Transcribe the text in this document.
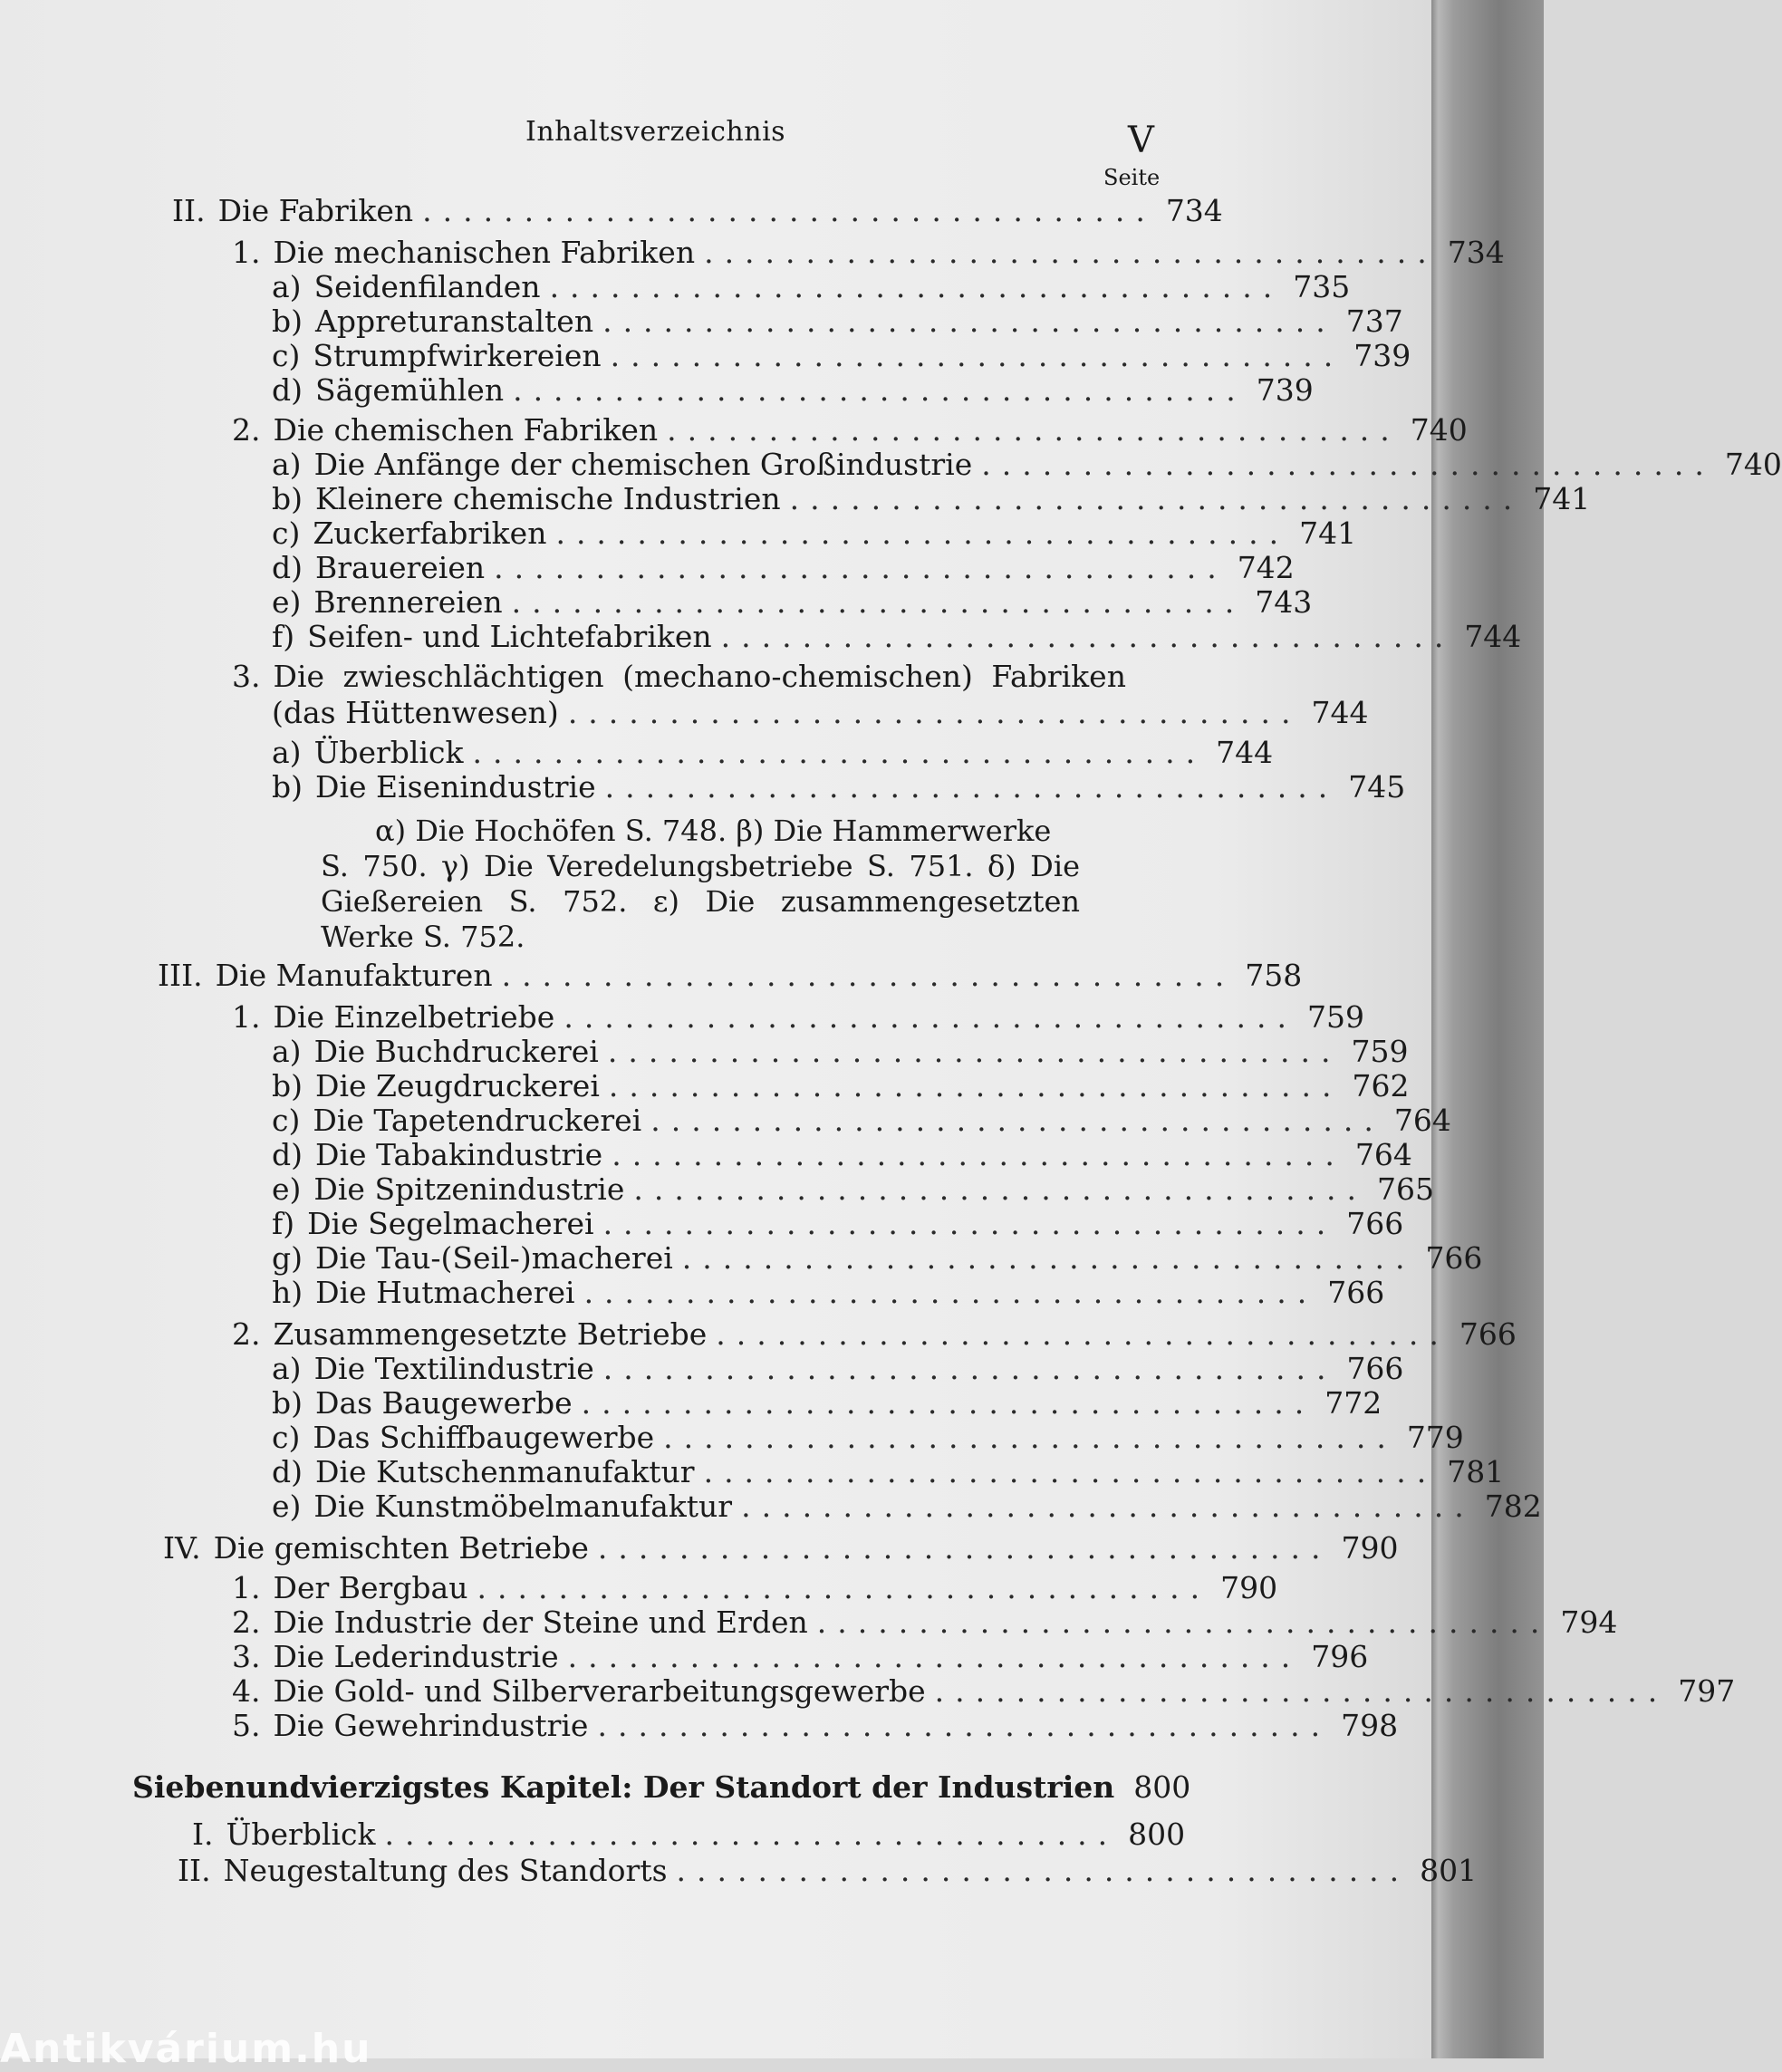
Inhaltsverzeichnis	V
Seite
II. Die Fabriken .................................... 734
1. Die mechanischen Fabriken .................................... 734
a) Seidenfilanden .................................... 735
b) Appreturanstalten .................................... 737
c) Strumpfwirkereien .................................... 739
d) Sägemühlen .................................... 739
2. Die chemischen Fabriken .................................... 740
a) Die Anfänge der chemischen Großindustrie .................................... 740
b) Kleinere chemische Industrien .................................... 741
c) Zuckerfabriken .................................... 741
d) Brauereien .................................... 742
e) Brennereien .................................... 743
f) Seifen- und Lichtefabriken .................................... 744
3. Die zwieschlächtigen (mechano-chemischen) Fabriken
(das Hüttenwesen) .................................... 744
a) Überblick .................................... 744
b) Die Eisenindustrie .................................... 745
α) Die Hochöfen S. 748. β) Die Hammerwerke
S. 750. γ) Die Veredelungsbetriebe S. 751. δ) Die
Gießereien S. 752. ε) Die zusammengesetzten
Werke S. 752.
III. Die Manufakturen .................................... 758
1. Die Einzelbetriebe .................................... 759
a) Die Buchdruckerei .................................... 759
b) Die Zeugdruckerei .................................... 762
c) Die Tapetendruckerei .................................... 764
d) Die Tabakindustrie .................................... 764
e) Die Spitzenindustrie .................................... 765
f) Die Segelmacherei .................................... 766
g) Die Tau-(Seil-)macherei .................................... 766
h) Die Hutmacherei .................................... 766
2. Zusammengesetzte Betriebe .................................... 766
a) Die Textilindustrie .................................... 766
b) Das Baugewerbe .................................... 772
c) Das Schiffbaugewerbe .................................... 779
d) Die Kutschenmanufaktur .................................... 781
e) Die Kunstmöbelmanufaktur .................................... 782
IV. Die gemischten Betriebe .................................... 790
1. Der Bergbau .................................... 790
2. Die Industrie der Steine und Erden .................................... 794
3. Die Lederindustrie .................................... 796
4. Die Gold- und Silberverarbeitungsgewerbe .................................... 797
5. Die Gewehrindustrie .................................... 798
Siebenundvierzigstes Kapitel: Der Standort der Industrien 800
I. Überblick .................................... 800
II. Neugestaltung des Standorts .................................... 801
Antikvárium.hu
